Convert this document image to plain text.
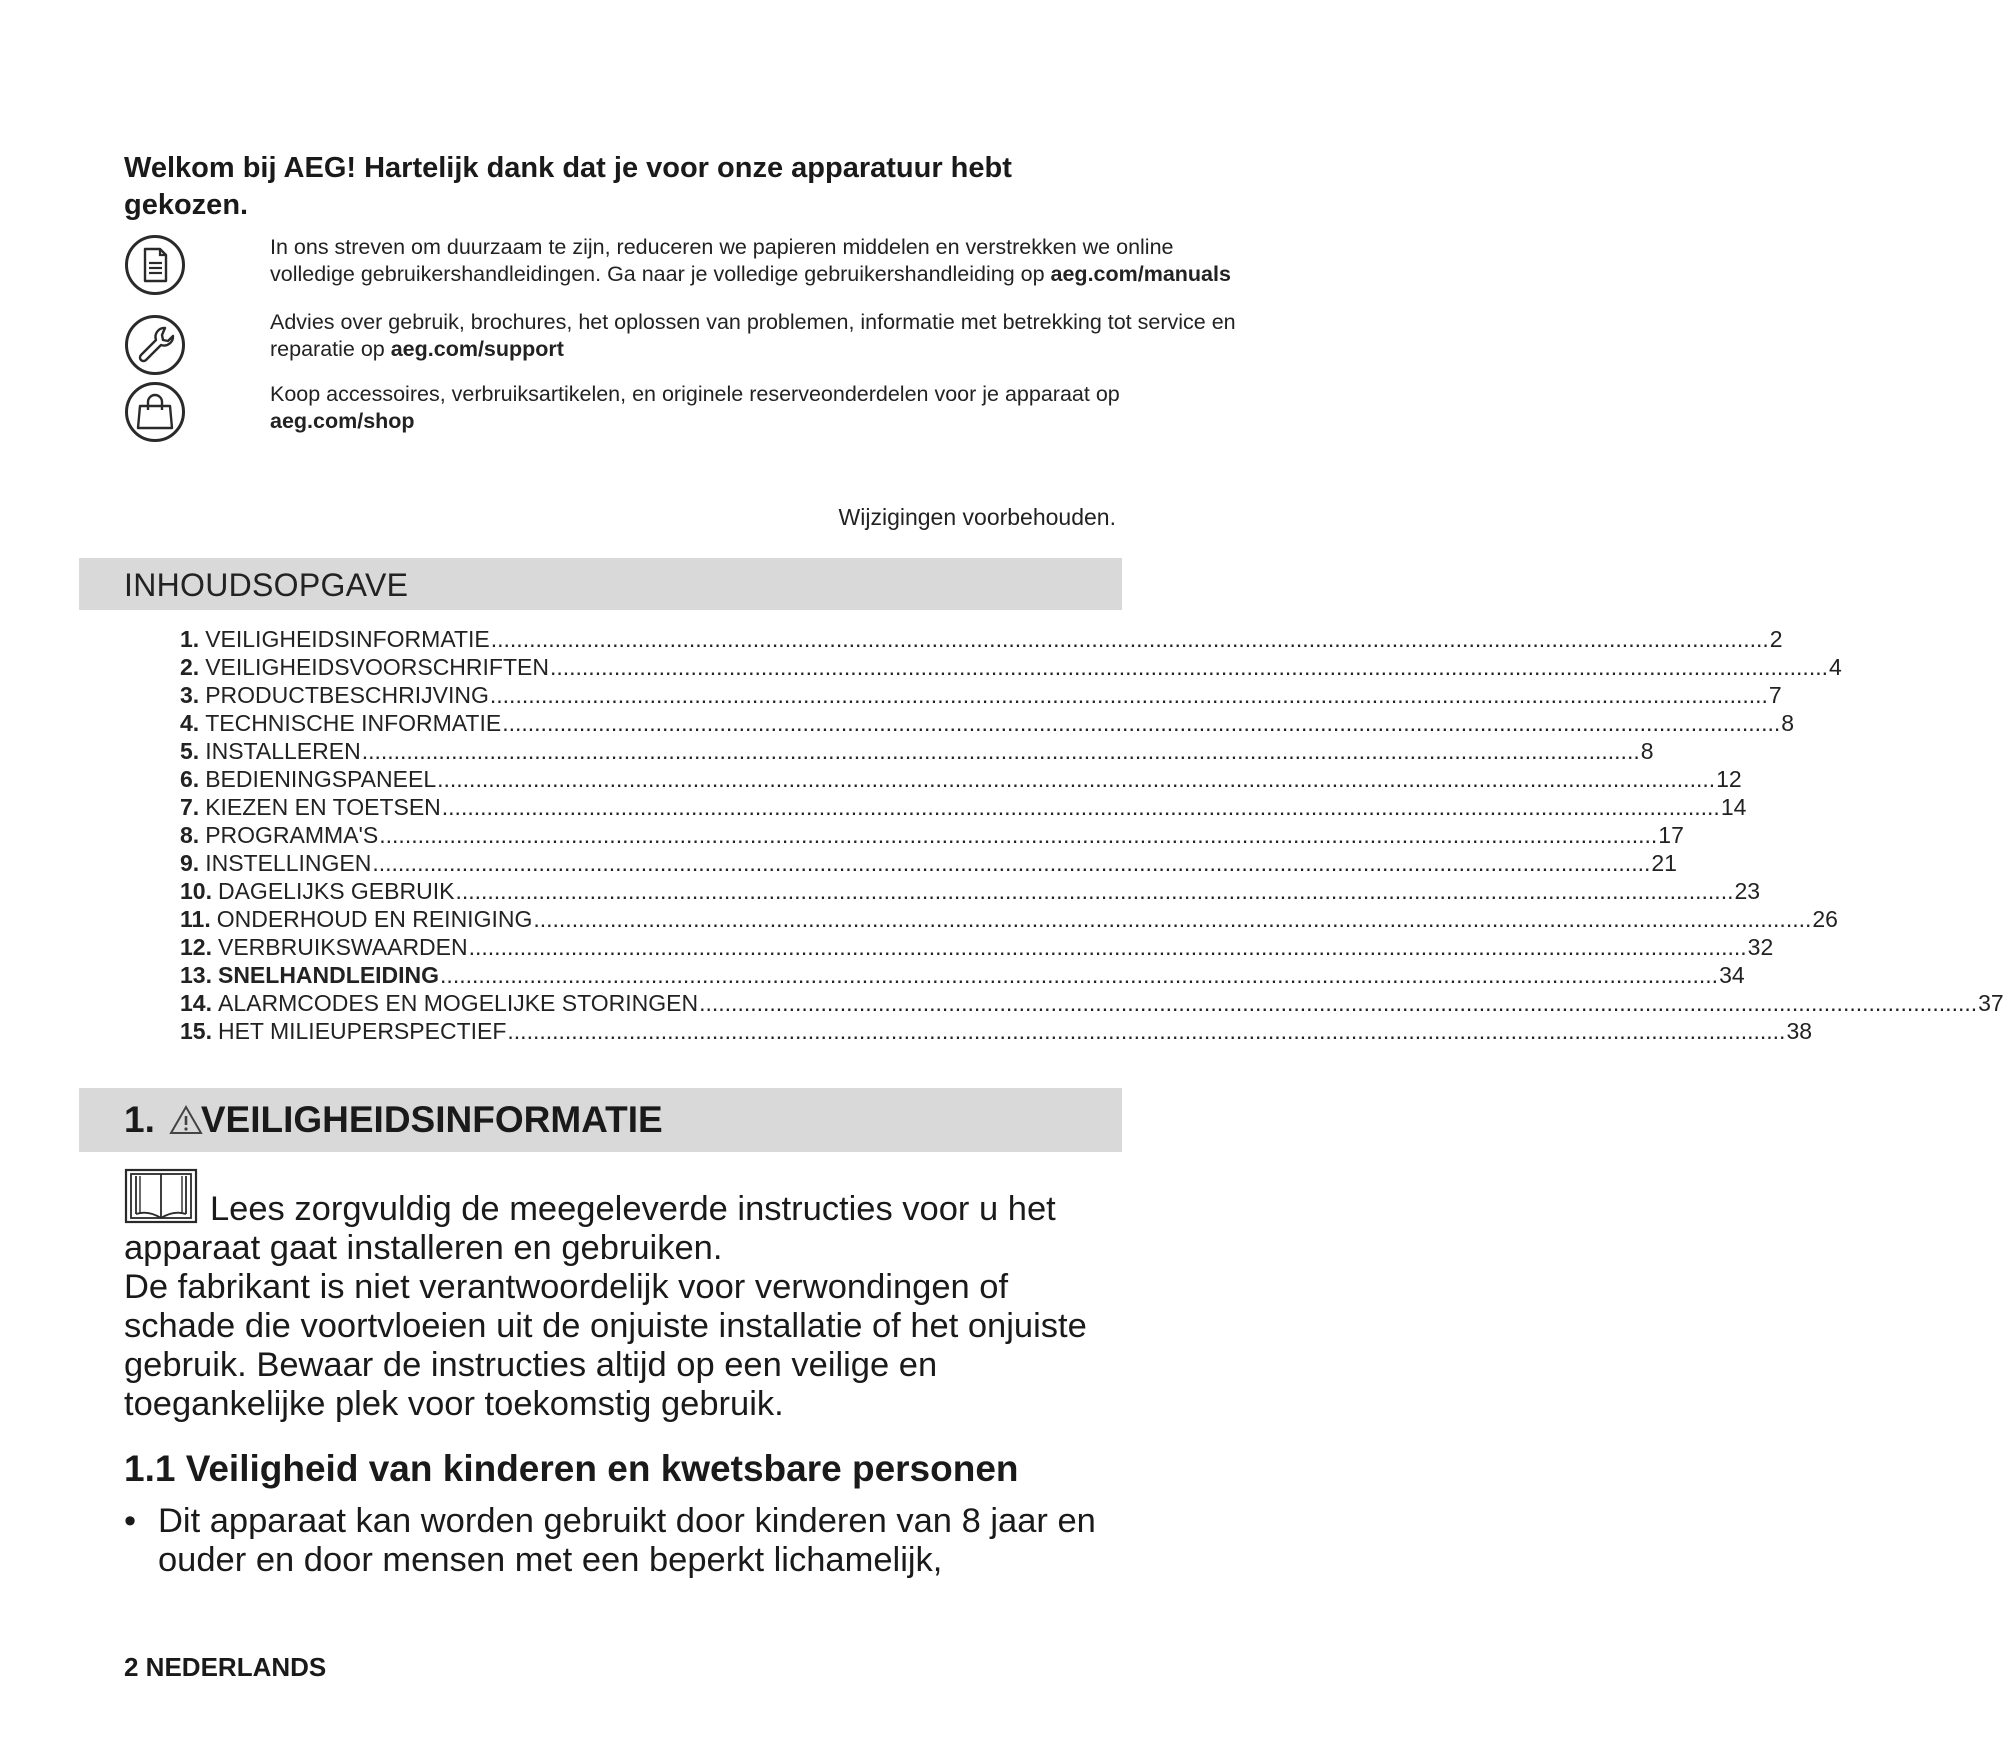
Welkom bij AEG! Hartelijk dank dat je voor onze apparatuur hebt gekozen.
In ons streven om duurzaam te zijn, reduceren we papieren middelen en verstrekken we online volledige gebruikershandleidingen. Ga naar je volledige gebruikershandleiding op aeg.com/manuals
Advies over gebruik, brochures, het oplossen van problemen, informatie met betrekking tot service en reparatie op aeg.com/support
Koop accessoires, verbruiksartikelen, en originele reserveonderdelen voor je apparaat op aeg.com/shop
Wijzigingen voorbehouden.
INHOUDSOPGAVE
1. VEILIGHEIDSINFORMATIE ........................................................................................................................................................................................................ 2
2. VEILIGHEIDSVOORSCHRIFTEN ........................................................................................................................................................................................................ 4
3. PRODUCTBESCHRIJVING ........................................................................................................................................................................................................ 7
4. TECHNISCHE INFORMATIE ........................................................................................................................................................................................................ 8
5. INSTALLEREN ........................................................................................................................................................................................................ 8
6. BEDIENINGSPANEEL ........................................................................................................................................................................................................ 12
7. KIEZEN EN TOETSEN ........................................................................................................................................................................................................ 14
8. PROGRAMMA'S ........................................................................................................................................................................................................ 17
9. INSTELLINGEN ........................................................................................................................................................................................................ 21
10. DAGELIJKS GEBRUIK ........................................................................................................................................................................................................ 23
11. ONDERHOUD EN REINIGING ........................................................................................................................................................................................................ 26
12. VERBRUIKSWAARDEN ........................................................................................................................................................................................................ 32
13. SNELHANDLEIDING ........................................................................................................................................................................................................ 34
14. ALARMCODES EN MOGELIJKE STORINGEN ........................................................................................................................................................................................................ 37
15. HET MILIEUPERSPECTIEF ........................................................................................................................................................................................................ 38
1. VEILIGHEIDSINFORMATIE
Lees zorgvuldig de meegeleverde instructies voor u het apparaat gaat installeren en gebruiken.
De fabrikant is niet verantwoordelijk voor verwondingen of schade die voortvloeien uit de onjuiste installatie of het onjuiste gebruik. Bewaar de instructies altijd op een veilige en toegankelijke plek voor toekomstig gebruik.
1.1 Veiligheid van kinderen en kwetsbare personen
• Dit apparaat kan worden gebruikt door kinderen van 8 jaar en ouder en door mensen met een beperkt lichamelijk,
2 NEDERLANDS
